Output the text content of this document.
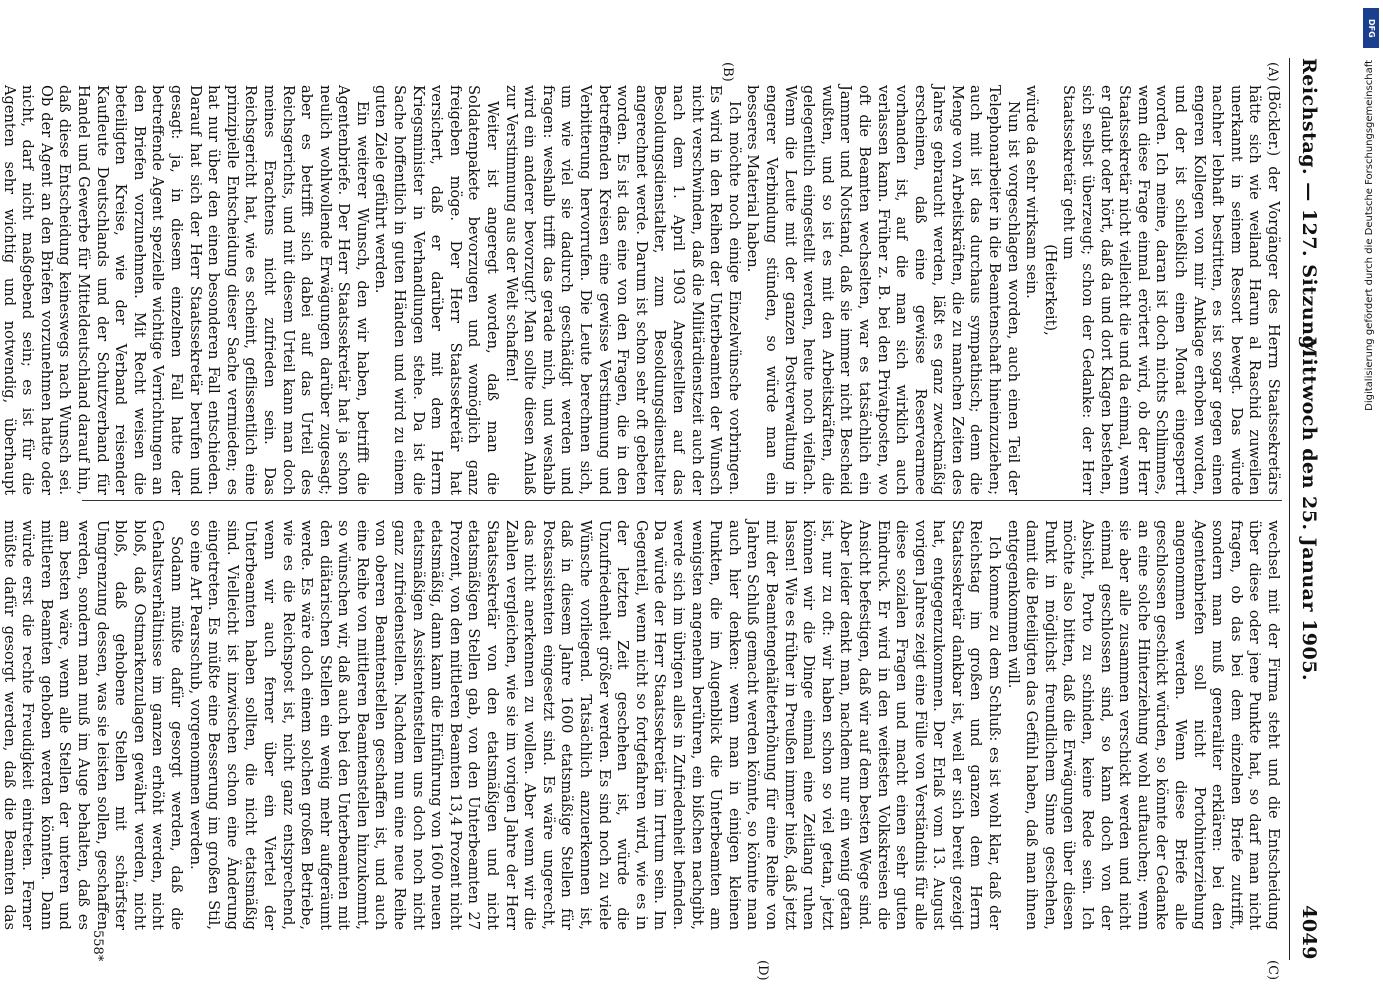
Reichstag. — 127. Sitzung.
Mittwoch den 25. Januar 1905.
4049
(A)
(B)
(C)
(D)

(Böckler.) der Vorgänger des Herrn Staatssekretärs hätte sich wie weiland Harun al Raschid zuweilen unerkannt in seinem Ressort bewegt. Das würde nachher lebhaft bestritten, es ist sogar gegen einen engeren Kollegen von mir Anklage erhoben worden, und der ist schließlich einen Monat eingesperrt worden. Ich meine, daran ist doch nichts Schlimmes, wenn diese Frage einmal erörtert wird, ob der Herr Staatssekretär nicht vielleicht die und da einmal, wenn er glaubt oder hört, daß da und dort Klagen bestehen, sich selbst überzeugt; schon der Gedanke: der Herr Staatssekretär geht um

(Heiterkeit),

würde da sehr wirksam sein.

Nun ist vorgeschlagen worden, auch einen Teil der Telephonarbeiter in die Beamtenschaft hineinzuziehen; auch mit ist das durchaus sympathisch; denn die Menge von Arbeitskräften, die zu manchen Zeiten des Jahres gebraucht werden, läßt es ganz zweckmäßig erscheinen, daß eine gewisse Reservearmee vorhanden ist, auf die man sich wirklich auch verlassen kann. Früher z. B. bei den Privatposten, wo oft die Beamten wechselten, war es tatsächlich ein Jammer und Notstand, daß sie immer nicht Bescheid wußten, und so ist es mit den Arbeitskräften, die gelegentlich eingestellt werden, heute noch vielfach. Wenn die Leute mit der ganzen Postverwaltung in engerer Verbindung stünden, so würde man ein besseres Material haben.

Ich möchte noch einige Einzelwünsche vorbringen. Es wird in den Reihen der Unterbeamten der Wunsch nicht verschwinden, daß die Militärdienstzeit auch der nach dem 1. April 1903 Angestellten auf das Besoldungsdienstalter, zum Besoldungsdienstalter angerechnet werde. Darum ist schon sehr oft gebeten worden. Es ist das eine von den Fragen, die in den betreffenden Kreisen eine gewisse Verstimmung und Verbitterung hervorrufen. Die Leute berechnen sich, um wie viel sie dadurch geschädigt werden und fragen: weshalb trifft das gerade mich, und weshalb wird ein anderer bevorzugt? Man sollte diesen Anlaß zur Verstimmung aus der Welt schaffen!

Weiter ist angeregt worden, daß man die Soldatenpakete bevorzugen und womöglich ganz freigeben möge. Der Herr Staatssekretär hat versichert, daß er darüber mit dem Herrn Kriegsminister in Verhandlungen stehe. Da ist die Sache hoffentlich in guten Händen und wird zu einem guten Ziele geführt werden.

Ein weiterer Wunsch, den wir haben, betrifft die Agentenbriefe. Der Herr Staatssekretär hat ja schon neulich wohlwollende Erwägungen darüber zugesagt; aber es betrifft sich dabei auf das Urteil des Reichsgerichts, und mit diesem Urteil kann man doch meines Erachtens nicht zufrieden sein. Das Reichsgericht hat, wie es scheint, geflissentlich eine prinzipielle Entscheidung dieser Sache vermieden; es hat nur über den einen besonderen Fall entschieden. Darauf hat sich der Herr Staatssekretär berufen und gesagt: ja, in diesem einzelnen Fall hatte der betreffende Agent spezielle wichtige Verrichtungen an den Briefen vorzunehmen. Mit Recht weisen die beteiligten Kreise, wie der Verband reisender Kaufleute Deutschlands und der Schutzverband für Handel und Gewerbe für Mitteldeutschland darauf hin, daß diese Entscheidung keineswegs nach Wunsch sei. Ob der Agent an den Briefen vorzunehmen hatte oder nicht, darf nicht maßgebend sein; es ist für die Agenten sehr wichtig und notwendig, überhaupt

wechsel mit der Firma steht und die Entscheidung über diese oder jene Punkte hat, so darf man nicht fragen, ob das bei dem einzelnen Briefe zutrifft, sondern man muß generaliter erklären: bei den Agentenbriefen soll nicht Portohinterziehung angenommen werden. Wenn diese Briefe alle geschlossen geschickt würden, so könnte der Gedanke an eine solche Hinterziehung wohl auftauchen; wenn sie aber alle zusammen verschickt werden und nicht einmal geschlossen sind, so kann doch von der Absicht, Porto zu schinden, keine Rede sein. Ich möchte also bitten, daß die Erwägungen über diesen Punkt in möglichst freundlichem Sinne geschehen, damit die Beteiligten das Gefühl haben, daß man ihnen entgegenkommen will.

Ich komme zu dem Schluß: es ist wohl klar, daß der Reichstag im großen und ganzen dem Herrn Staatssekretär dankbar ist, weil er sich bereit gezeigt hat, entgegenzukommen. Der Erlaß vom 13. August vorigen Jahres zeigt eine Fülle von Verständnis für alle diese sozialen Fragen und macht einen sehr guten Eindruck. Er wird in den weitesten Volkskreisen die Ansicht befestigen, daß wir auf dem besten Wege sind. Aber leider denkt man, nachdem nur ein wenig getan ist, nur zu oft: wir haben schon so viel getan, jetzt können wir die Dinge einmal eine Zeitlang ruhen lassen! Wie es früher in Preußen immer hieß, daß jetzt mit der Beamtengehälteterhöhung für eine Reihe von Jahren Schluß gemacht werden könnte, so könnte man auch hier denken: wenn man in einigen kleinen Punkten, die im Augenblick die Unterbeamten am wenigsten angenehm berühren, ein bißchen nachgibt, werde sich im übrigen alles in Zufriedenheit befinden. Da würde der Herr Staatssekretär im Irrtum sein. Im Gegenteil, wenn nicht so fortgefahren wird, wie es in der letzten Zeit geschehen ist, würde die Unzufriedenheit größer werden. Es sind noch zu viele Wünsche vorliegend. Tatsächlich anzuerkennen ist, daß in diesem Jahre 1600 etatsmäßige Stellen für Postassistenten eingesetzt sind. Es wäre ungerecht, das nicht anerkennen zu wollen. Aber wenn wir die Zahlen vergleichen, wie sie im vorigen Jahre der Herr Staatssekretär von den etatsmäßigen und nicht etatsmäßigen Stellen gab, von den Unterbeamten 27 Prozent, von den mittleren Beamten 13,4 Prozent nicht etatsmäßig, dann kann die Einführung von 1600 neuen etatsmäßigen Assistentenstellen uns doch noch nicht ganz zufriedenstellen. Nachdem nun eine neue Reihe von oberen Beamtenstellen geschaffen ist, und auch eine Reihe von mittleren Beamtenstellen hinzukommt, so wünschen wir, daß auch bei den Unterbeamten mit den diätarischen Stellen ein wenig mehr aufgeräumt werde. Es wäre doch einem solchen großen Betriebe, wie es die Reichspost ist, nicht ganz entsprechend, wenn wir auch ferner über ein Viertel der Unterbeamten haben sollten, die nicht etatsmäßig sind. Vielleicht ist inzwischen schon eine Änderung eingetreten. Es müßte eine Besserung im großen Stil, so eine Art Pearsschub, vorgenommen werden.

Sodann müßte dafür gesorgt werden, daß die Gehaltsverhältnisse im ganzen erhöht werden, nicht bloß, daß Ostmarkenzulagen gewährt werden, nicht bloß, daß gehobene Stellen mit schärfster Umgrenzung dessen, was sie leisten sollen, geschaffen werden, sondern man muß im Auge behalten, daß es am besten wäre, wenn alle Stellen der unteren und mittleren Beamten gehoben werden könnten. Dann würde erst die rechte Freudigkeit eintreten. Ferner müßte dafür gesorgt werden, daß die Beamten das

558*
DFG
Digitalisierung gefördert durch die Deutsche Forschungsgemeinschaft
